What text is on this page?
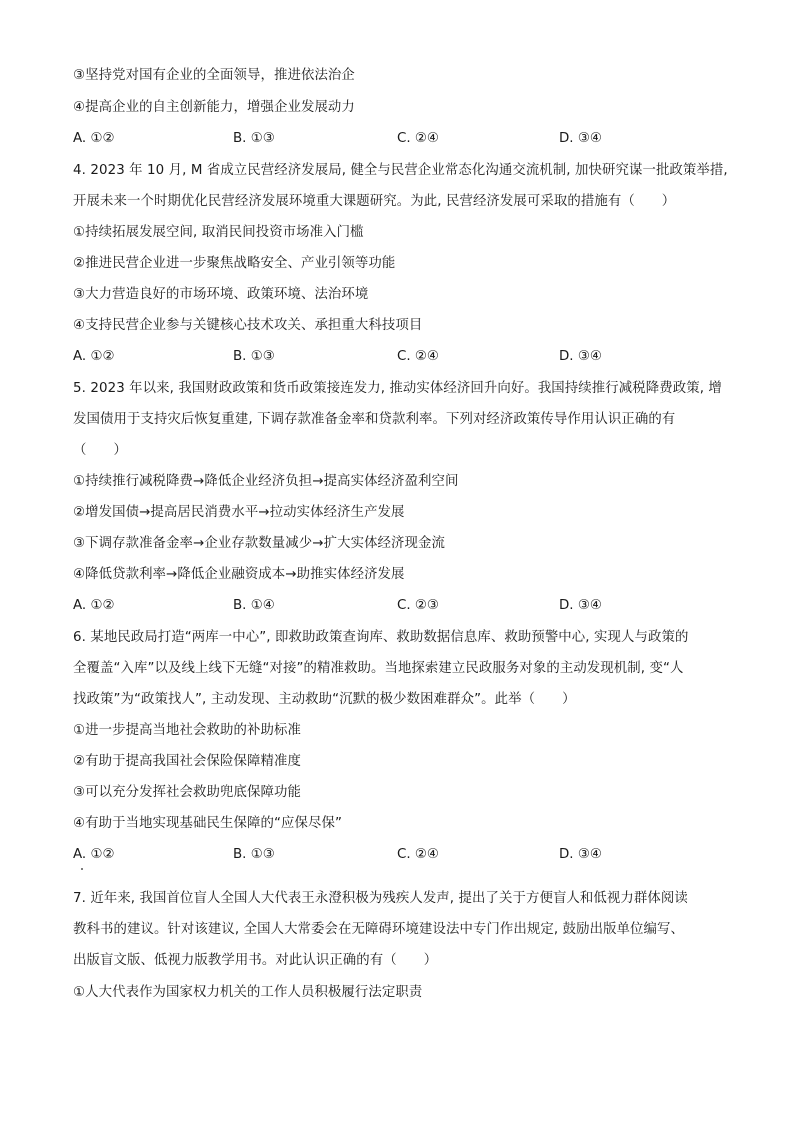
③坚持党对国有企业的全面领导，推进依法治企
④提高企业的自主创新能力，增强企业发展动力
A. ①②	B. ①③	C. ②④	D. ③④
4. 2023 年 10 月, M 省成立民营经济发展局, 健全与民营企业常态化沟通交流机制, 加快研究谋一批政策举措,
开展未来一个时期优化民营经济发展环境重大课题研究。为此, 民营经济发展可采取的措施有（　　）
①持续拓展发展空间, 取消民间投资市场准入门槛
②推进民营企业进一步聚焦战略安全、产业引领等功能
③大力营造良好的市场环境、政策环境、法治环境
④支持民营企业参与关键核心技术攻关、承担重大科技项目
A. ①②	B. ①③	C. ②④	D. ③④
5. 2023 年以来, 我国财政政策和货币政策接连发力, 推动实体经济回升向好。我国持续推行减税降费政策, 增
发国债用于支持灾后恢复重建, 下调存款准备金率和贷款利率。下列对经济政策传导作用认识正确的有
（　　）
①持续推行减税降费→降低企业经济负担→提高实体经济盈利空间
②增发国债→提高居民消费水平→拉动实体经济生产发展
③下调存款准备金率→企业存款数量减少→扩大实体经济现金流
④降低贷款利率→降低企业融资成本→助推实体经济发展
A. ①②	B. ①④	C. ②③	D. ③④
6. 某地民政局打造“两库一中心”, 即救助政策查询库、救助数据信息库、救助预警中心, 实现人与政策的
全覆盖“入库”以及线上线下无缝“对接”的精准救助。当地探索建立民政服务对象的主动发现机制, 变“人
找政策”为“政策找人”, 主动发现、主动救助“沉默的极少数困难群众”。此举（　　）
①进一步提高当地社会救助的补助标准
②有助于提高我国社会保险保障精准度
③可以充分发挥社会救助兜底保障功能
④有助于当地实现基础民生保障的“应保尽保”
A. ①②	B. ①③	C. ②④	D. ③④
7. 近年来, 我国首位盲人全国人大代表王永澄积极为残疾人发声, 提出了关于方便盲人和低视力群体阅读
教科书的建议。针对该建议, 全国人大常委会在无障碍环境建设法中专门作出规定, 鼓励出版单位编写、
出版盲文版、低视力版教学用书。对此认识正确的有（　　）
①人大代表作为国家权力机关的工作人员积极履行法定职责
